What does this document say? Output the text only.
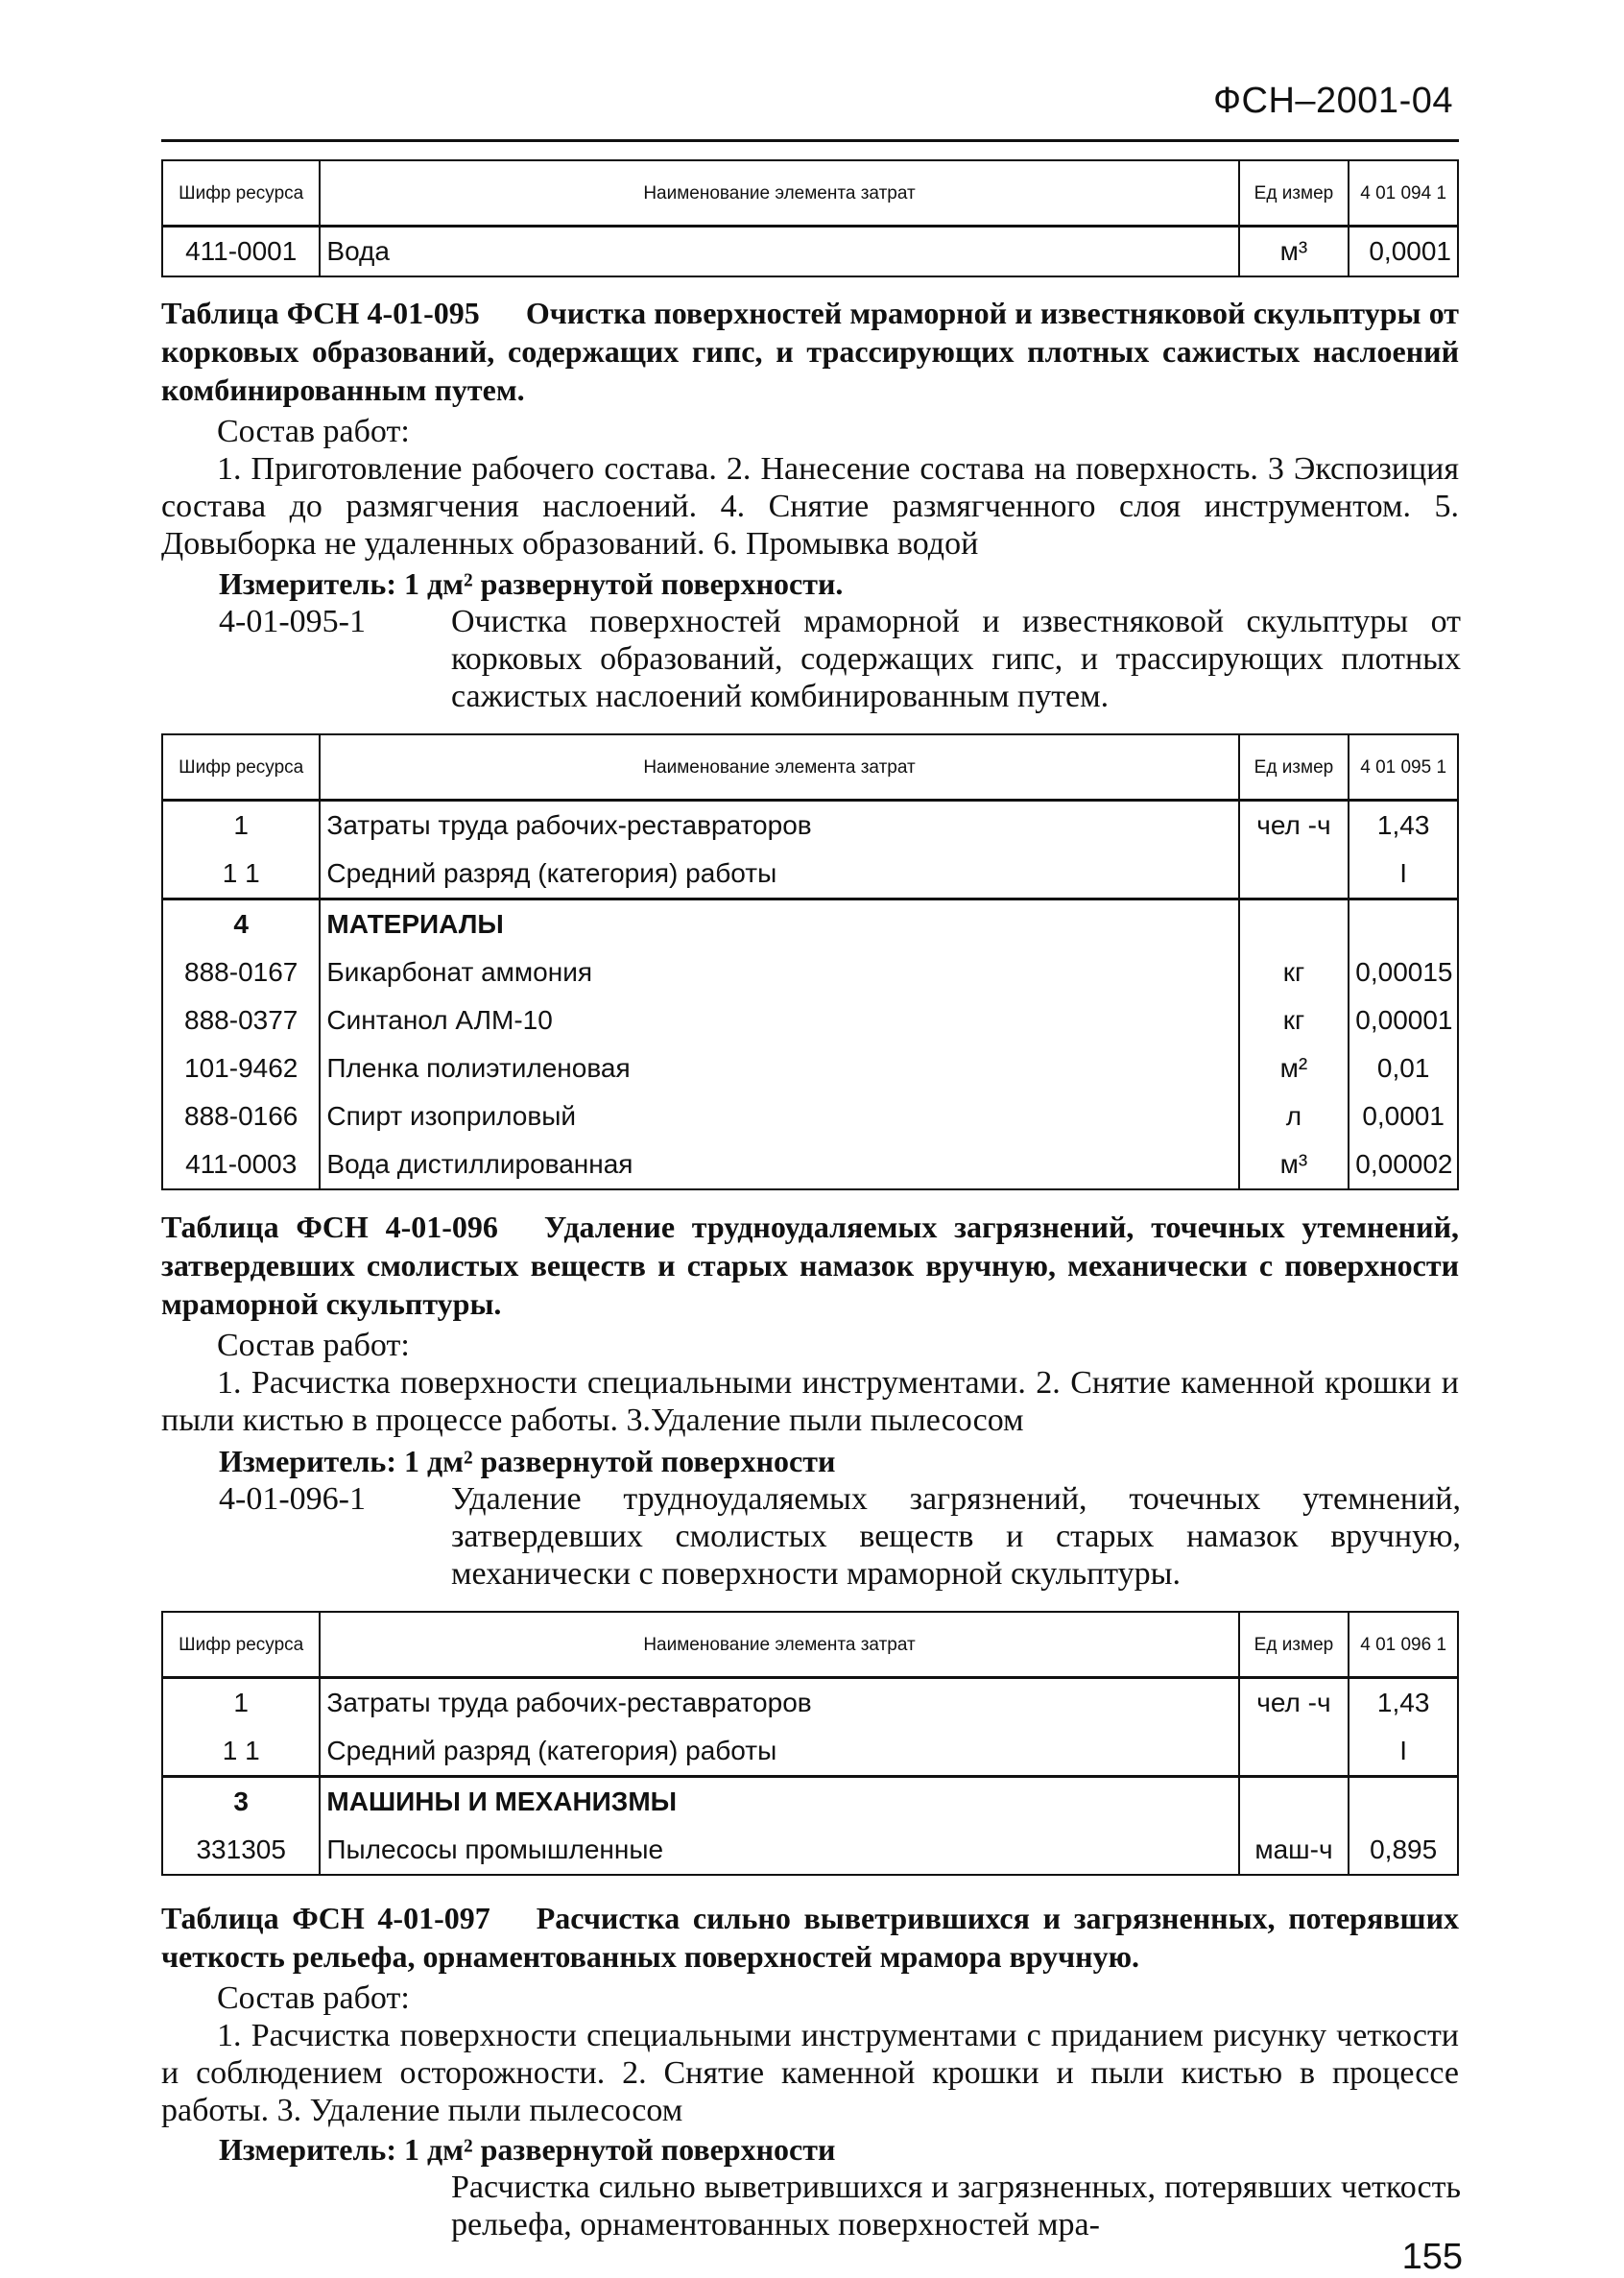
ФСН–2001-04
Шифр ресурса	Наименование элемента затрат	Ед измер	4 01 094 1
411-0001	Вода	м³	0,0001
Таблица ФСН 4-01-095 Очистка поверхностей мраморной и известняковой скульптуры от корковых образований, содержащих гипс, и трассирующих плотных сажистых наслоений комбинированным путем.
Состав работ:
1. Приготовление рабочего состава. 2. Нанесение состава на поверхность. 3 Экспозиция состава до размягчения наслоений. 4. Снятие размягченного слоя инструментом. 5. Довыборка не удаленных образований. 6. Промывка водой
Измеритель: 1 дм² развернутой поверхности.
4-01-095-1	Очистка поверхностей мраморной и известняковой скульптуры от корковых образований, содержащих гипс, и трассирующих плотных сажистых наслоений комбинированным путем.
Шифр ресурса	Наименование элемента затрат	Ед измер	4 01 095 1
1	Затраты труда рабочих-реставраторов	чел -ч	1,43
1 1	Средний разряд (категория) работы		I
4	МАТЕРИАЛЫ		
888-0167	Бикарбонат аммония	кг	0,00015
888-0377	Синтанол АЛМ-10	кг	0,00001
101-9462	Пленка полиэтиленовая	м²	0,01
888-0166	Спирт изоприловый	л	0,0001
411-0003	Вода дистиллированная	м³	0,00002
Таблица ФСН 4-01-096 Удаление трудноудаляемых загрязнений, точечных утемнений, затвердевших смолистых веществ и старых намазок вручную, механически с поверхности мраморной скульптуры.
Состав работ:
1. Расчистка поверхности специальными инструментами. 2. Снятие каменной крошки и пыли кистью в процессе работы. 3.Удаление пыли пылесосом
Измеритель: 1 дм² развернутой поверхности
4-01-096-1	Удаление трудноудаляемых загрязнений, точечных утемнений, затвердевших смолистых веществ и старых намазок вручную, механически с поверхности мраморной скульптуры.
Шифр ресурса	Наименование элемента затрат	Ед измер	4 01 096 1
1	Затраты труда рабочих-реставраторов	чел -ч	1,43
1 1	Средний разряд (категория) работы		I
3	МАШИНЫ И МЕХАНИЗМЫ		
331305	Пылесосы промышленные	маш-ч	0,895
Таблица ФСН 4-01-097 Расчистка сильно выветрившихся и загрязненных, потерявших четкость рельефа, орнаментованных поверхностей мрамора вручную.
Состав работ:
1. Расчистка поверхности специальными инструментами с приданием рисунку четкости и соблюдением осторожности. 2. Снятие каменной крошки и пыли кистью в процессе работы. 3. Удаление пыли пылесосом
Измеритель: 1 дм² развернутой поверхности
Расчистка сильно выветрившихся и загрязненных, потерявших четкость рельефа, орнаментованных поверхностей мра-
155
